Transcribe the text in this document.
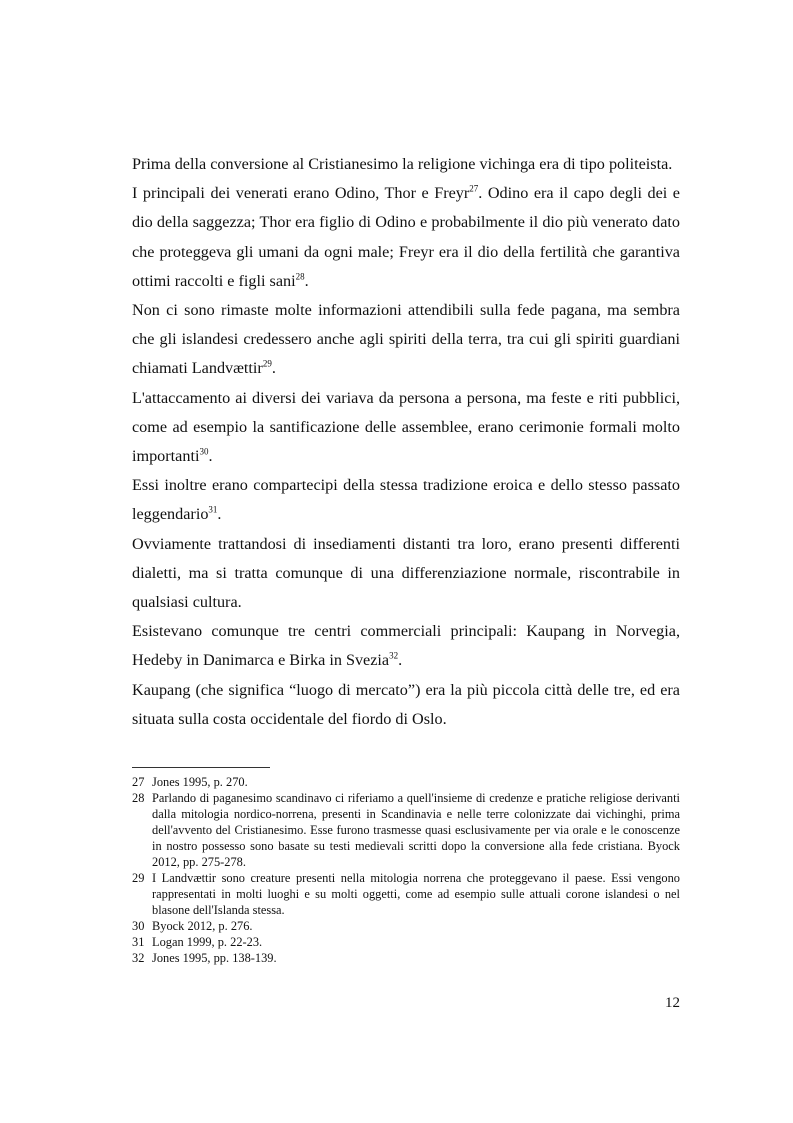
Prima della conversione al Cristianesimo la religione vichinga era di tipo politeista.

I principali dei venerati erano Odino, Thor e Freyr$^{27}$. Odino era il capo degli dei e dio della saggezza; Thor era figlio di Odino e probabilmente il dio più venerato dato che proteggeva gli umani da ogni male; Freyr era il dio della fertilità che garantiva ottimi raccolti e figli sani$^{28}$.

Non ci sono rimaste molte informazioni attendibili sulla fede pagana, ma sembra che gli islandesi credessero anche agli spiriti della terra, tra cui gli spiriti guardiani chiamati Landvættir$^{29}$.

L'attaccamento ai diversi dei variava da persona a persona, ma feste e riti pubblici, come ad esempio la santificazione delle assemblee, erano cerimonie formali molto importanti$^{30}$.

Essi inoltre erano compartecipi della stessa tradizione eroica e dello stesso passato leggendario$^{31}$.

Ovviamente trattandosi di insediamenti distanti tra loro, erano presenti differenti dialetti, ma si tratta comunque di una differenziazione normale, riscontrabile in qualsiasi cultura.

Esistevano comunque tre centri commerciali principali: Kaupang in Norvegia, Hedeby in Danimarca e Birka in Svezia$^{32}$.

Kaupang (che significa “luogo di mercato”) era la più piccola città delle tre, ed era situata sulla costa occidentale del fiordo di Oslo.

27 Jones 1995, p. 270.
28 Parlando di paganesimo scandinavo ci riferiamo a quell'insieme di credenze e pratiche religiose derivanti dalla mitologia nordico-norrena, presenti in Scandinavia e nelle terre colonizzate dai vichinghi, prima dell'avvento del Cristianesimo. Esse furono trasmesse quasi esclusivamente per via orale e le conoscenze in nostro possesso sono basate su testi medievali scritti dopo la conversione alla fede cristiana. Byock 2012, pp. 275-278.
29 I Landvættir sono creature presenti nella mitologia norrena che proteggevano il paese. Essi vengono rappresentati in molti luoghi e su molti oggetti, come ad esempio sulle attuali corone islandesi o nel blasone dell'Islanda stessa.
30 Byock 2012, p. 276.
31 Logan 1999, p. 22-23.
32 Jones 1995, pp. 138-139.
12
